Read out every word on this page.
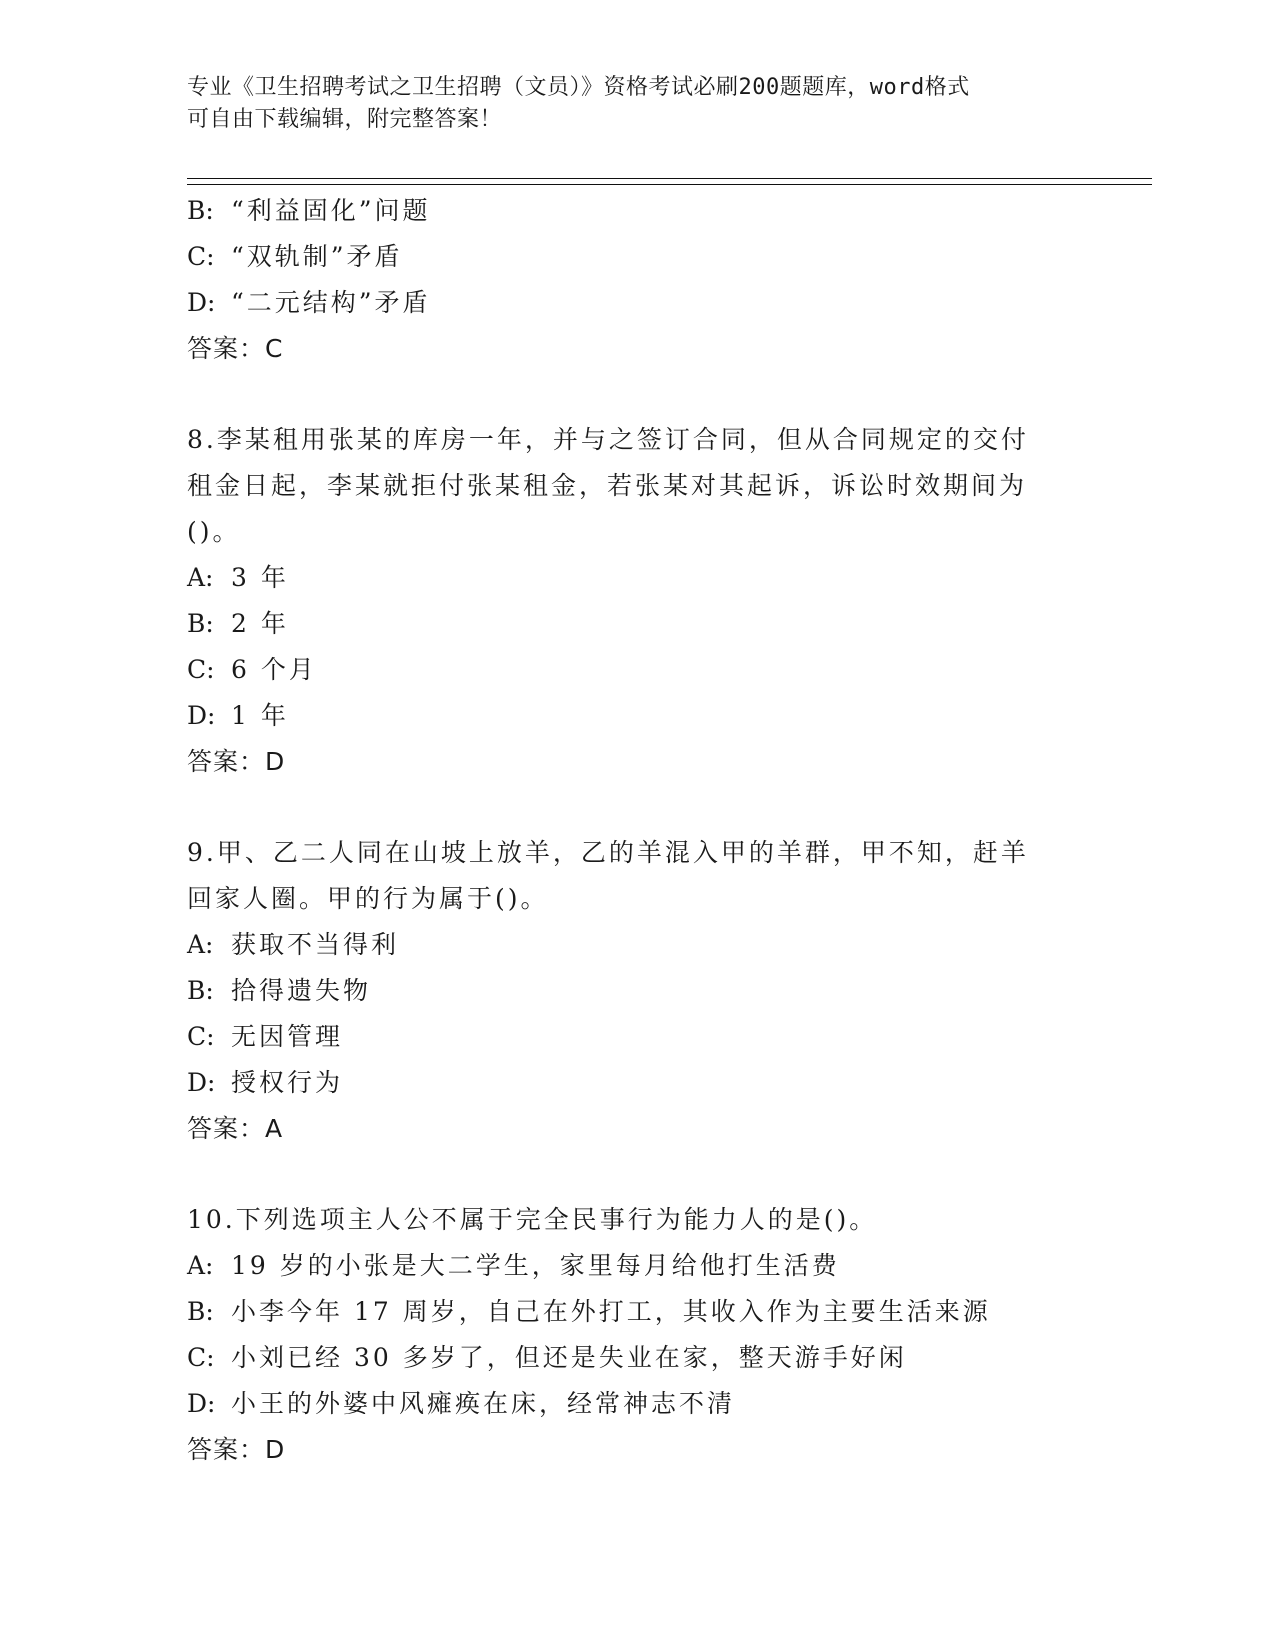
专业《卫生招聘考试之卫生招聘（文员）》资格考试必刷200题题库，word格式
可自由下载编辑，附完整答案！
B: “利益固化”问题
C: “双轨制”矛盾
D: “二元结构”矛盾
答案：C
8.李某租用张某的库房一年，并与之签订合同，但从合同规定的交付
租金日起，李某就拒付张某租金，若张某对其起诉，诉讼时效期间为
()。
A: 3 年
B: 2 年
C: 6 个月
D: 1 年
答案：D
9.甲、乙二人同在山坡上放羊，乙的羊混入甲的羊群，甲不知，赶羊
回家人圈。甲的行为属于()。
A: 获取不当得利
B: 拾得遗失物
C: 无因管理
D: 授权行为
答案：A
10.下列选项主人公不属于完全民事行为能力人的是()。
A: 19 岁的小张是大二学生，家里每月给他打生活费
B: 小李今年 17 周岁，自己在外打工，其收入作为主要生活来源
C: 小刘已经 30 多岁了，但还是失业在家，整天游手好闲
D: 小王的外婆中风瘫痪在床，经常神志不清
答案：D
